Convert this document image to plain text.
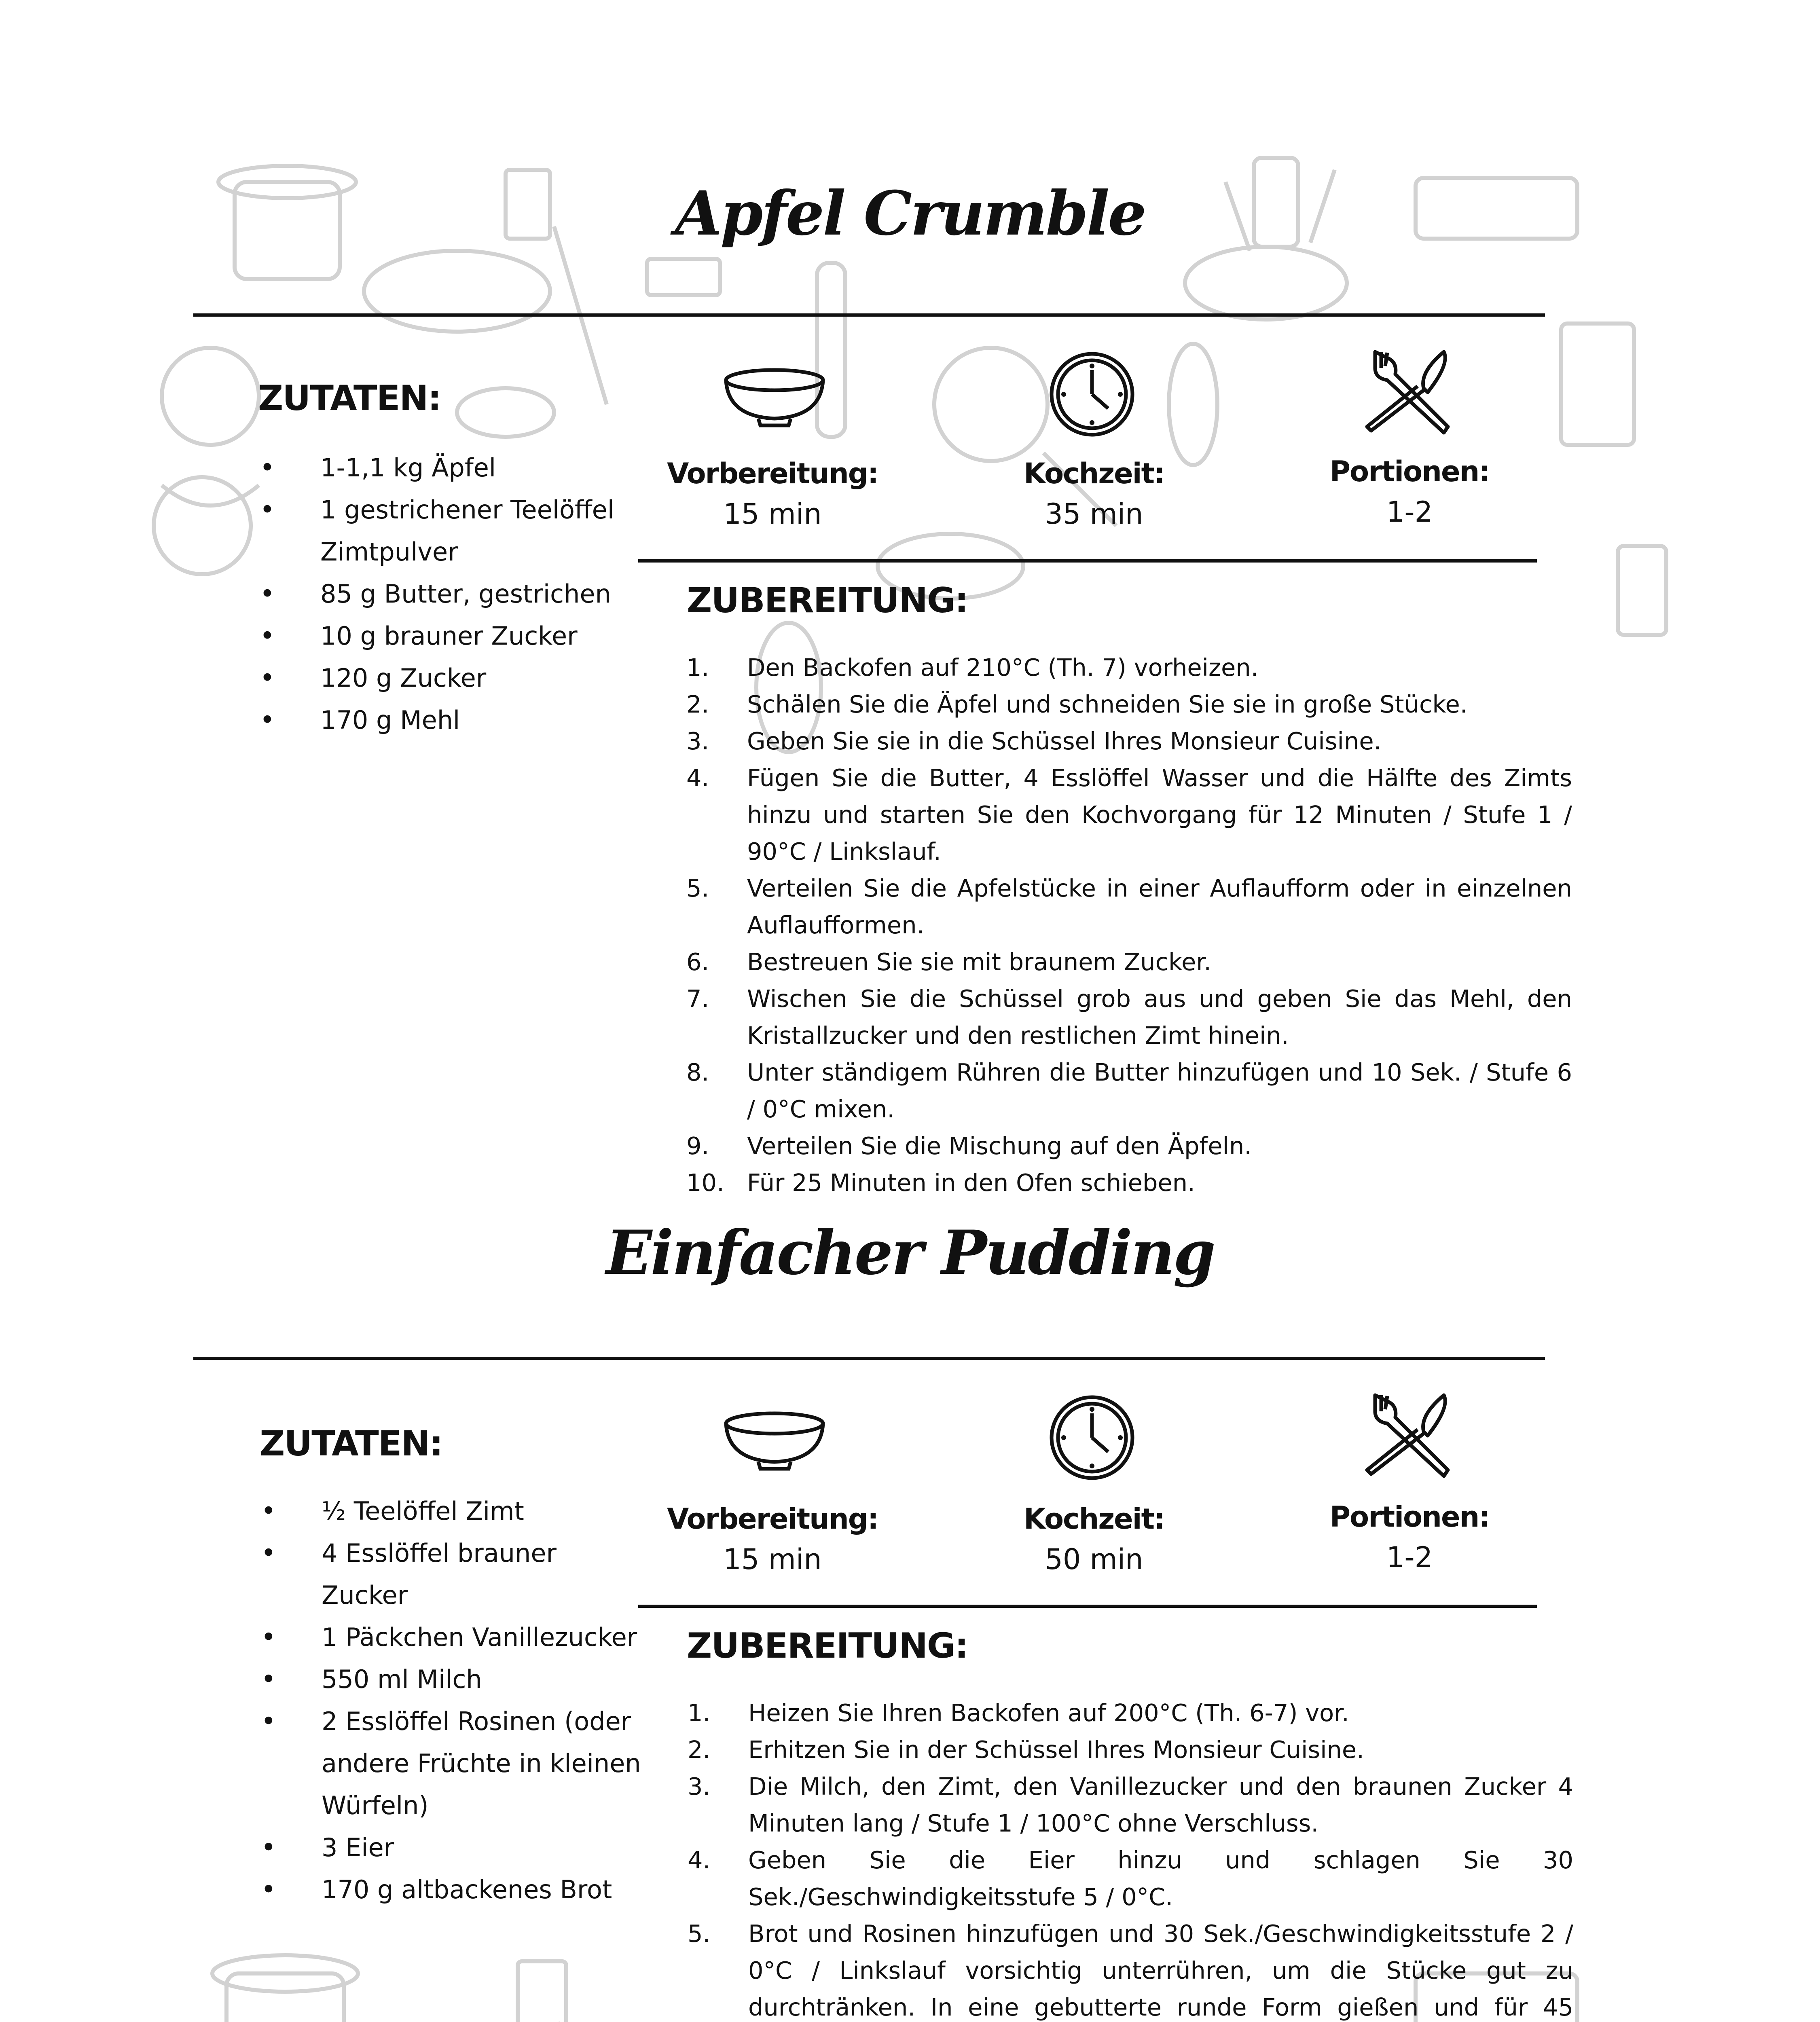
Apfel Crumble
ZUTATEN:
• 1-1,1 kg Äpfel
• 1 gestrichener Teelöffel Zimtpulver
• 85 g Butter, gestrichen
• 10 g brauner Zucker
• 120 g Zucker
• 170 g Mehl
Vorbereitung:
15 min
Kochzeit:
35 min
Portionen:
1-2
ZUBEREITUNG:
1. Den Backofen auf 210°C (Th. 7) vorheizen.
2. Schälen Sie die Äpfel und schneiden Sie sie in große Stücke.
3. Geben Sie sie in die Schüssel Ihres Monsieur Cuisine.
4. Fügen Sie die Butter, 4 Esslöffel Wasser und die Hälfte des Zimts hinzu und starten Sie den Kochvorgang für 12 Minuten / Stufe 1 / 90°C / Linkslauf.
5. Verteilen Sie die Apfelstücke in einer Auflaufform oder in einzelnen Auflaufformen.
6. Bestreuen Sie sie mit braunem Zucker.
7. Wischen Sie die Schüssel grob aus und geben Sie das Mehl, den Kristallzucker und den restlichen Zimt hinein.
8. Unter ständigem Rühren die Butter hinzufügen und 10 Sek. / Stufe 6 / 0°C mixen.
9. Verteilen Sie die Mischung auf den Äpfeln.
10. Für 25 Minuten in den Ofen schieben.
Einfacher Pudding
ZUTATEN:
• ½ Teelöffel Zimt
• 4 Esslöffel brauner Zucker
• 1 Päckchen Vanillezucker
• 550 ml Milch
• 2 Esslöffel Rosinen (oder andere Früchte in kleinen Würfeln)
• 3 Eier
• 170 g altbackenes Brot
Vorbereitung:
15 min
Kochzeit:
50 min
Portionen:
1-2
ZUBEREITUNG:
1. Heizen Sie Ihren Backofen auf 200°C (Th. 6-7) vor.
2. Erhitzen Sie in der Schüssel Ihres Monsieur Cuisine.
3. Die Milch, den Zimt, den Vanillezucker und den braunen Zucker 4 Minuten lang / Stufe 1 / 100°C ohne Verschluss.
4. Geben Sie die Eier hinzu und schlagen Sie 30 Sek./Geschwindigkeitsstufe 5 / 0°C.
5. Brot und Rosinen hinzufügen und 30 Sek./Geschwindigkeitsstufe 2 / 0°C / Linkslauf vorsichtig unterrühren, um die Stücke gut zu durchtränken. In eine gebutterte runde Form gießen und für 45
